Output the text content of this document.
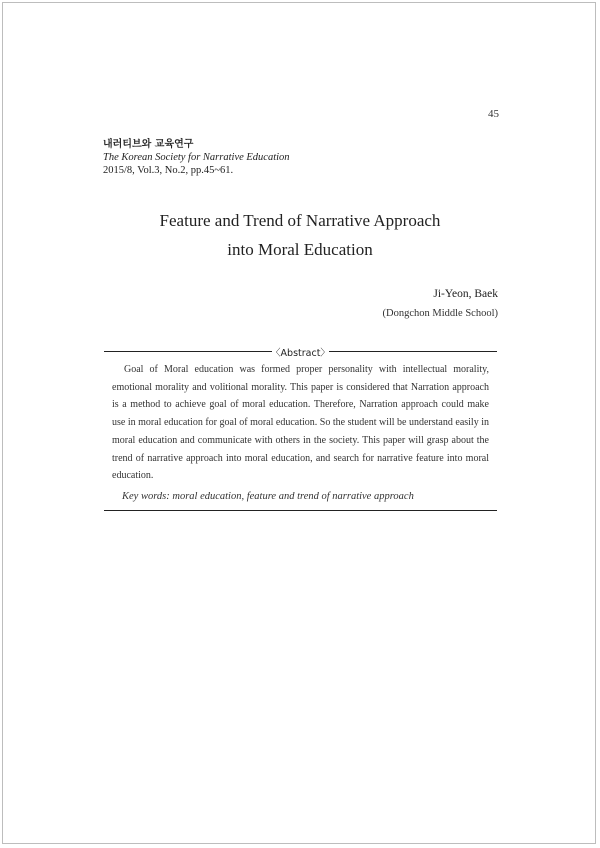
45
내러티브와 교육연구
The Korean Society for Narrative Education
2015/8, Vol.3, No.2, pp.45~61.
Feature and Trend of Narrative Approach
into Moral Education
Ji-Yeon, Baek
(Dongchon Middle School)
〈Abstract〉
Goal of Moral education was formed proper personality with intellectual morality, emotional morality and volitional morality. This paper is considered that Narration approach is a method to achieve goal of moral education. Therefore, Narration approach could make use in moral education for goal of moral education. So the student will be understand easily in moral education and communicate with others in the society. This paper will grasp about the trend of narrative approach into moral education, and search for narrative feature into moral education.
Key words: moral education, feature and trend of narrative approach
